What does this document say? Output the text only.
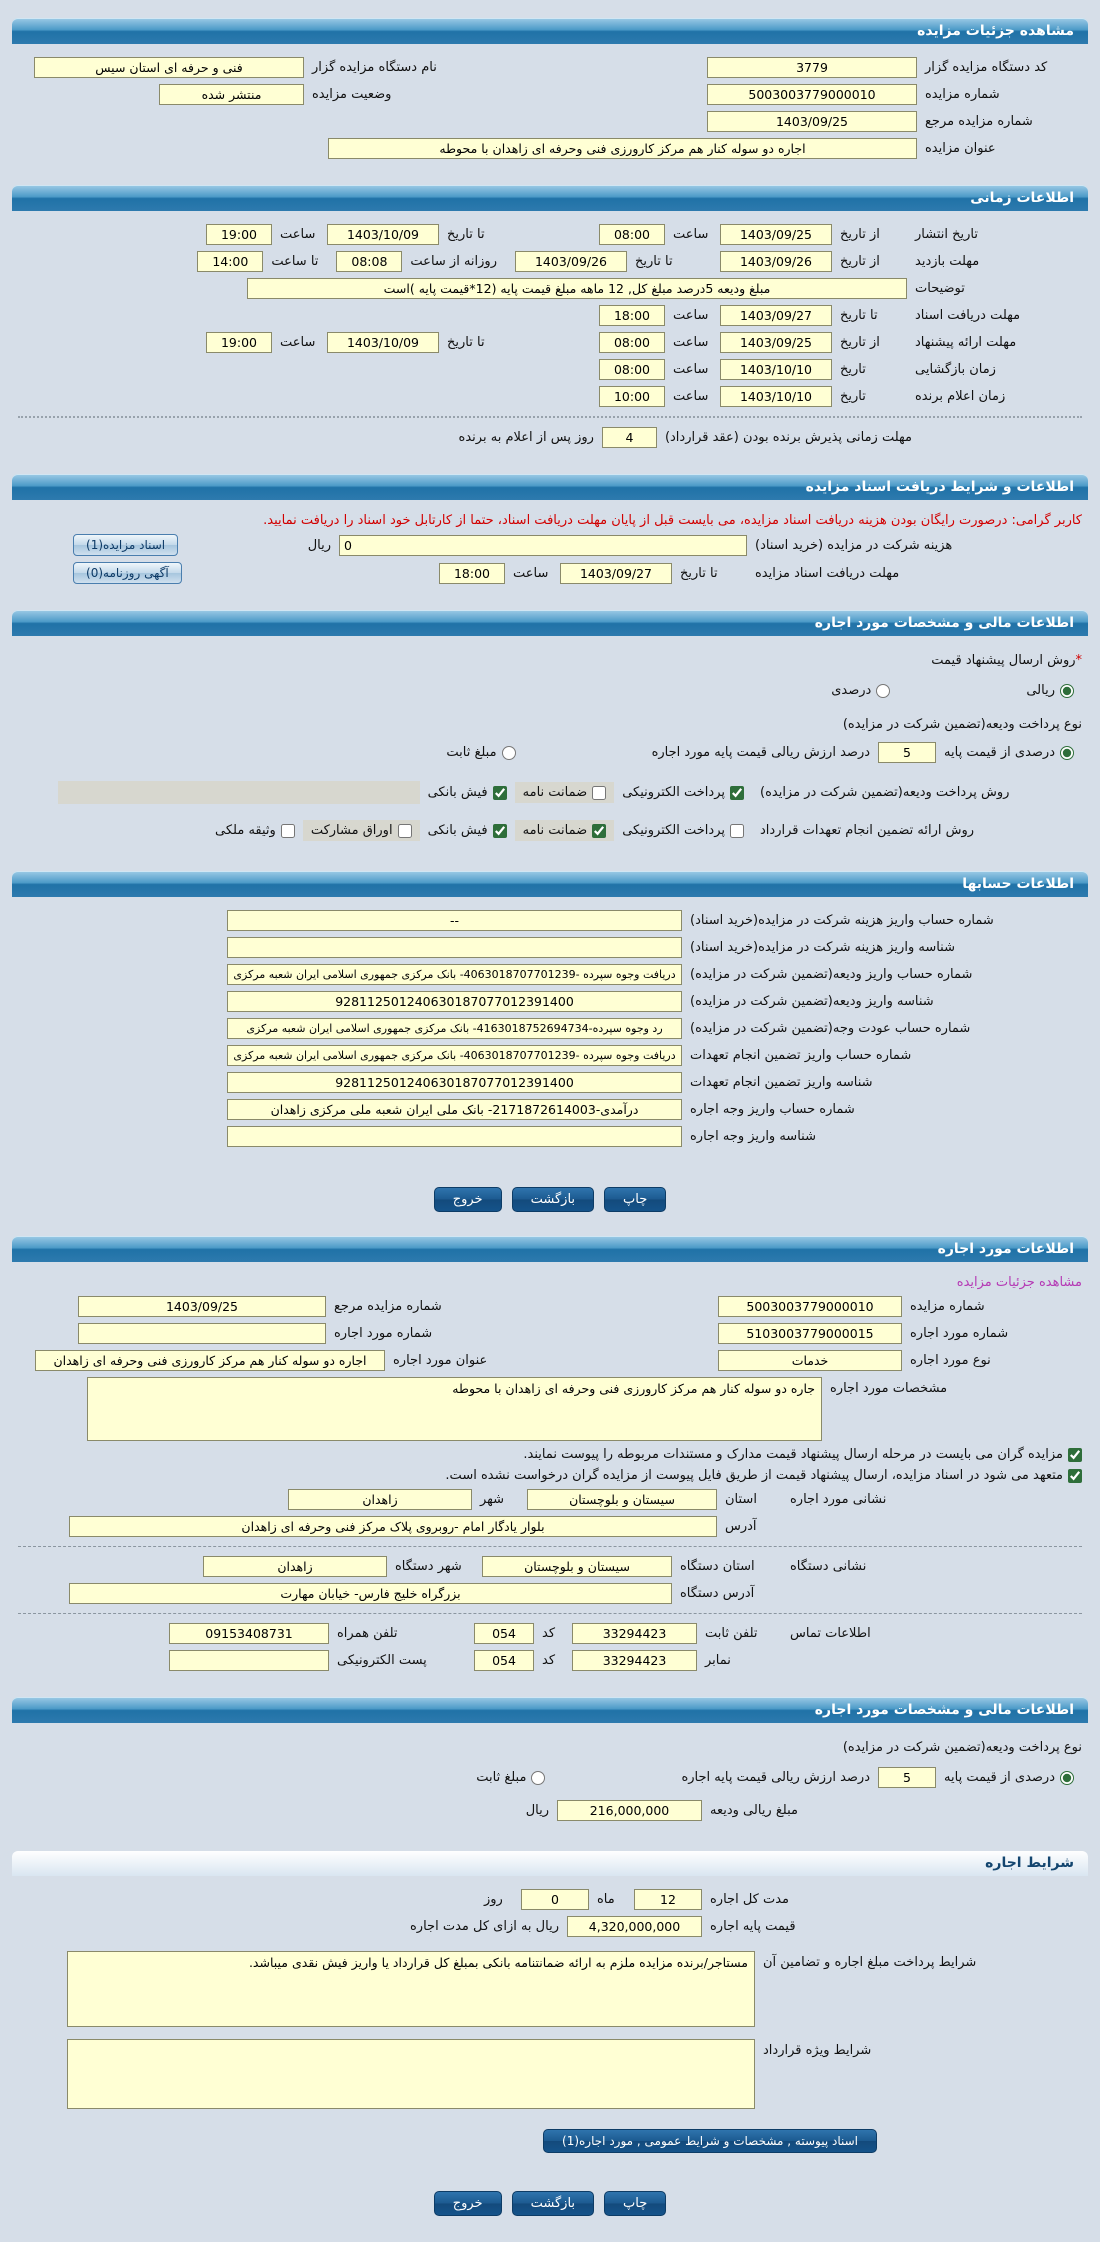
مشاهده جزئیات مزایده
کد دستگاه مزایده گزار
3779
نام دستگاه مزایده گزار
فنی و حرفه ای استان سیس
شماره مزایده
5003003779000010
وضعیت مزایده
منتشر شده
شماره مزایده مرجع
1403/09/25
عنوان مزایده
اجاره دو سوله کنار هم مرکز کارورزی فنی وحرفه ای زاهدان با محوطه
اطلاعات زمانی
تاریخ انتشار
از تاریخ
1403/09/25
ساعت
08:00
تا تاریخ
1403/10/09
ساعت
19:00
مهلت بازدید
از تاریخ
1403/09/26
تا تاریخ
1403/09/26
روزانه از ساعت
08:08
تا ساعت
14:00
توضیحات
مبلغ ودیعه 5درصد مبلغ کل, 12 ماهه مبلغ قیمت پایه (12*قیمت پایه )است
مهلت دریافت اسناد
تا تاریخ
1403/09/27
ساعت
18:00
مهلت ارائه پیشنهاد
از تاریخ
1403/09/25
ساعت
08:00
تا تاریخ
1403/10/09
ساعت
19:00
زمان بازگشایی
تاریخ
1403/10/10
ساعت
08:00
زمان اعلام برنده
تاریخ
1403/10/10
ساعت
10:00
مهلت زمانی پذیرش برنده بودن (عقد قرارداد)
4
روز پس از اعلام به برنده
اطلاعات و شرایط دریافت اسناد مزایده
کاربر گرامی: درصورت رایگان بودن هزینه دریافت اسناد مزایده، می بایست قبل از پایان مهلت دریافت اسناد، حتما از کارتابل خود اسناد را دریافت نمایید.
هزینه شرکت در مزایده (خرید اسناد)
0
ریال
اسناد مزایده(1)
مهلت دریافت اسناد مزایده
تا تاریخ
1403/09/27
ساعت
18:00
آگهی روزنامه(0)
اطلاعات مالی و مشخصات مورد اجاره
*
روش ارسال پیشنهاد قیمت
ریالی
درصدی
نوع پرداخت ودیعه(تضمین شرکت در مزایده)
درصدی از قیمت پایه
5
درصد ارزش ریالی قیمت پایه مورد اجاره
مبلغ ثابت
روش پرداخت ودیعه(تضمین شرکت در مزایده)
پرداخت الکترونیکی
ضمانت نامه
فیش بانکی
روش ارائه تضمین انجام تعهدات قرارداد
پرداخت الکترونیکی
ضمانت نامه
فیش بانکی
اوراق مشارکت
وثیقه ملکی
اطلاعات حسابها
شماره حساب واریز هزینه شرکت در مزایده(خرید اسناد)
--
شناسه واریز هزینه شرکت در مزایده(خرید اسناد)
شماره حساب واریز ودیعه(تضمین شرکت در مزایده)
دریافت وجوه سپرده -4063018707701239- بانک مرکزی جمهوری اسلامی ایران شعبه مرکزی
شناسه واریز ودیعه(تضمین شرکت در مزایده)
928112501240630187077012391400
شماره حساب عودت وجه(تضمین شرکت در مزایده)
رد وجوه سپرده-4163018752694734- بانک مرکزی جمهوری اسلامی ایران شعبه مرکزی
شماره حساب واریز تضمین انجام تعهدات
دریافت وجوه سپرده -4063018707701239- بانک مرکزی جمهوری اسلامی ایران شعبه مرکزی
شناسه واریز تضمین انجام تعهدات
928112501240630187077012391400
شماره حساب واریز وجه اجاره
درآمدی-2171872614003- بانک ملی ایران شعبه ملی مرکزی زاهدان
شناسه واریز وجه اجاره
چاپ
بازگشت
خروج
اطلاعات مورد اجاره
مشاهده جزئیات مزایده
شماره مزایده
5003003779000010
شماره مزایده مرجع
1403/09/25
شماره مورد اجاره
5103003779000015
شماره مورد اجاره
نوع مورد اجاره
خدمات
عنوان مورد اجاره
اجاره دو سوله کنار هم مرکز کارورزی فنی وحرفه ای زاهدان
مشخصات مورد اجاره
جاره دو سوله کنار هم مرکز کارورزی فنی وحرفه ای زاهدان با محوطه
مزایده گران می بایست در مرحله ارسال پیشنهاد قیمت مدارک و مستندات مربوطه را پیوست نمایند.
متعهد می شود در اسناد مزایده، ارسال پیشنهاد قیمت از طریق فایل پیوست از مزایده گران درخواست نشده است.
نشانی مورد اجاره
استان
سیستان و بلوچستان
شهر
زاهدان
آدرس
بلوار یادگار امام -روبروی پلاک مرکز فنی وحرفه ای زاهدان
نشانی دستگاه
استان دستگاه
سیستان و بلوچستان
شهر دستگاه
زاهدان
آدرس دستگاه
بزرگراه خلیج فارس- خیابان مهارت
اطلاعات تماس
تلفن ثابت
33294423
کد
054
تلفن همراه
09153408731
نمابر
33294423
کد
054
پست الکترونیکی
اطلاعات مالی و مشخصات مورد اجاره
نوع پرداخت ودیعه(تضمین شرکت در مزایده)
درصدی از قیمت پایه
5
درصد ارزش ریالی قیمت پایه اجاره
مبلغ ثابت
مبلغ ریالی ودیعه
216,000,000
ریال
شرایط اجاره
مدت کل اجاره
12
ماه
0
روز
قیمت پایه اجاره
4,320,000,000
ریال به ازای کل مدت اجاره
شرایط پرداخت مبلغ اجاره و تضامین آن
مستاجر/برنده مزایده ملزم به ارائه ضمانتنامه بانکی بمبلغ کل قرارداد یا واریز فیش نقدی میباشد.
شرایط ویژه قرارداد
اسناد پیوسته , مشخصات و شرایط عمومی , مورد اجاره(1)
چاپ
بازگشت
خروج
